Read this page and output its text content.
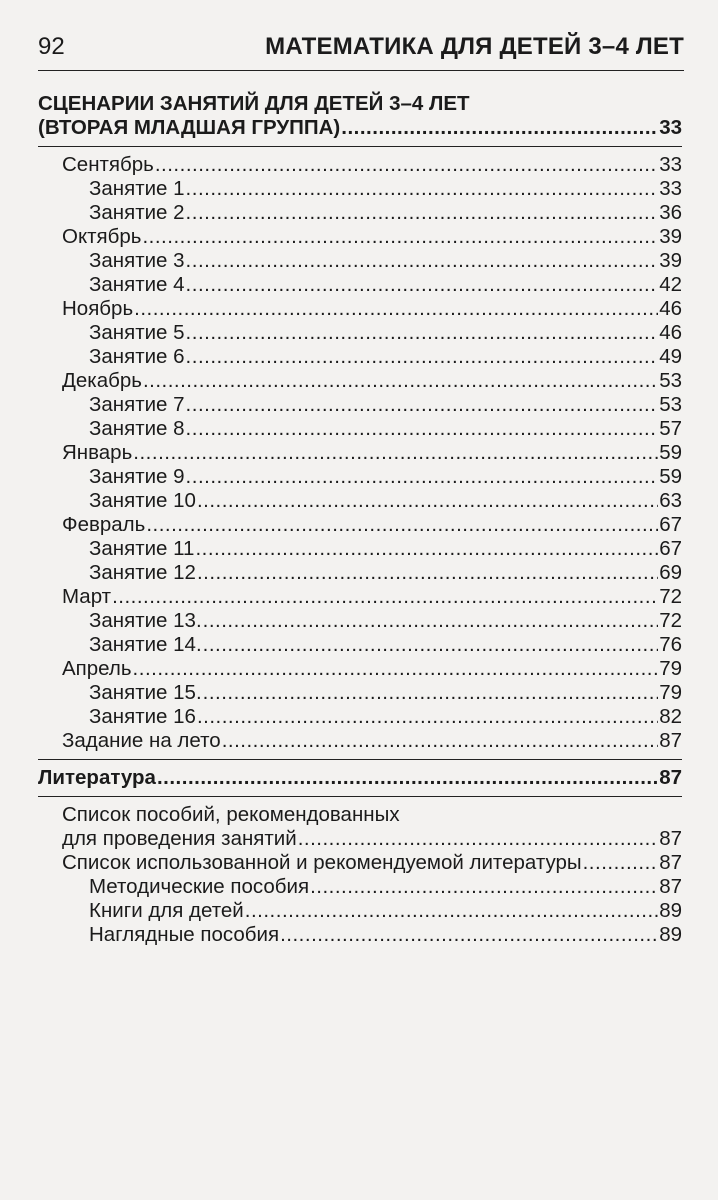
92	МАТЕМАТИКА ДЛЯ ДЕТЕЙ 3–4 ЛЕТ
СЦЕНАРИИ ЗАНЯТИЙ ДЛЯ ДЕТЕЙ 3–4 ЛЕТ
(ВТОРАЯ МЛАДШАЯ ГРУППА) .....	33
Сентябрь .....	33
Занятие 1 .....	33
Занятие 2 .....	36
Октябрь .....	39
Занятие 3 .....	39
Занятие 4 .....	42
Ноябрь .....	46
Занятие 5 .....	46
Занятие 6 .....	49
Декабрь .....	53
Занятие 7 .....	53
Занятие 8 .....	57
Январь .....	59
Занятие 9 .....	59
Занятие 10 .....	63
Февраль .....	67
Занятие 11 .....	67
Занятие 12 .....	69
Март .....	72
Занятие 13. .....	72
Занятие 14. .....	76
Апрель .....	79
Занятие 15. .....	79
Занятие 16 .....	82
Задание на лето .....	87
Литература .....	87
Список пособий, рекомендованных
для проведения занятий .....	87
Список использованной и рекомендуемой литературы .....	87
Методические пособия .....	87
Книги для детей .....	89
Наглядные пособия .....	89
